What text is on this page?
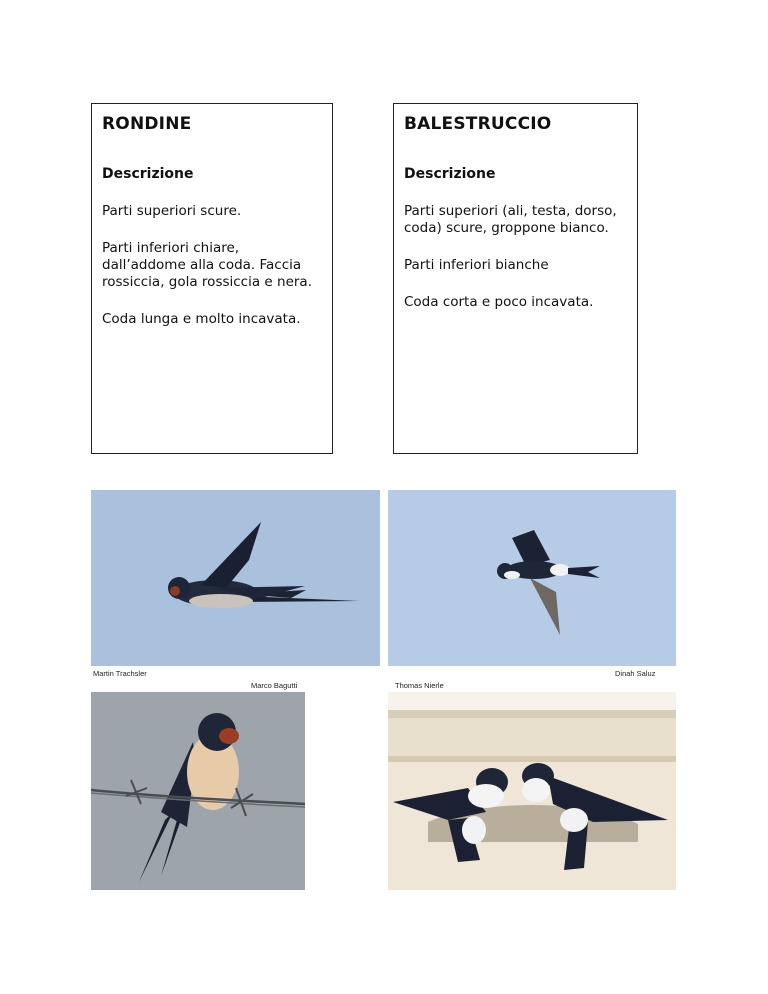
RONDINE
Descrizione

Parti superiori scure.

Parti inferiori chiare, dall’addome alla coda. Faccia rossiccia, gola rossiccia e nera.

Coda lunga e molto incavata.

BALESTRUCCIO
Descrizione

Parti superiori (ali, testa, dorso, coda) scure, groppone bianco.

Parti inferiori bianche

Coda corta e poco incavata.

Martin Trachsler	Dinah Saluz
Marco Bagutti	Thomas Nierle
